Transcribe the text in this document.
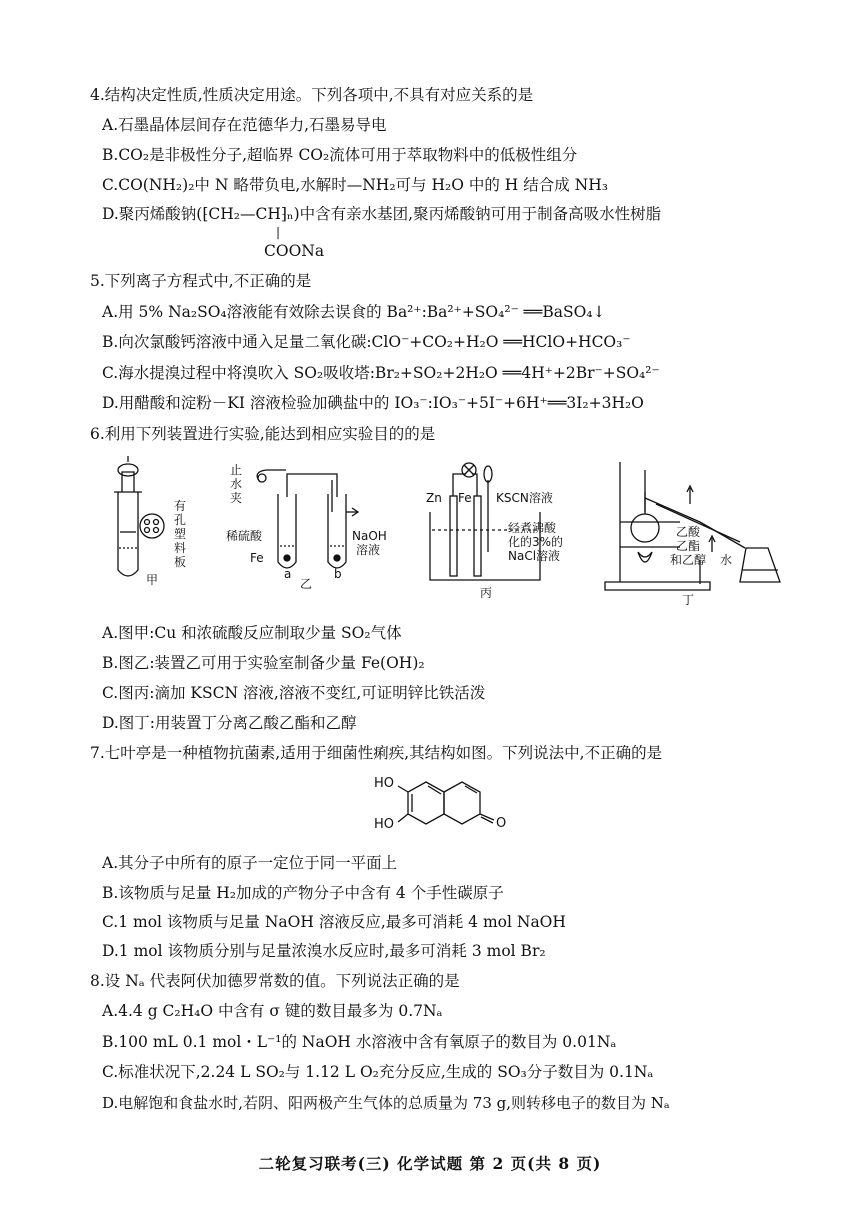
4.结构决定性质,性质决定用途。下列各项中,不具有对应关系的是
A.石墨晶体层间存在范德华力,石墨易导电
B.CO₂是非极性分子,超临界 CO₂流体可用于萃取物料中的低极性组分
C.CO(NH₂)₂中 N 略带负电,水解时—NH₂可与 H₂O 中的 H 结合成 NH₃
D.聚丙烯酸钠(⁅CH₂—CH⁆ₙ)中含有亲水基团,聚丙烯酸钠可用于制备高吸水性树脂
|
COONa
5.下列离子方程式中,不正确的是
A.用 5% Na₂SO₄溶液能有效除去误食的 Ba²⁺:Ba²⁺+SO₄²⁻ ══BaSO₄↓
B.向次氯酸钙溶液中通入足量二氧化碳:ClO⁻+CO₂+H₂O ══HClO+HCO₃⁻
C.海水提溴过程中将溴吹入 SO₂吸收塔:Br₂+SO₂+2H₂O ══4H⁺+2Br⁻+SO₄²⁻
D.用醋酸和淀粉－KI 溶液检验加碘盐中的 IO₃⁻:IO₃⁻+5I⁻+6H⁺══3I₂+3H₂O
6.利用下列装置进行实验,能达到相应实验目的的是
有
孔
塑
料
板
甲
止
水
夹
稀硫酸
Fe
a	b
NaOH
溶液
乙
Zn Fe KSCN溶液
经煮沸酸
化的3%的
NaCl溶液
丙
乙酸
乙酯
和乙醇 水
丁
A.图甲:Cu 和浓硫酸反应制取少量 SO₂气体
B.图乙:装置乙可用于实验室制备少量 Fe(OH)₂
C.图丙:滴加 KSCN 溶液,溶液不变红,可证明锌比铁活泼
D.图丁:用装置丁分离乙酸乙酯和乙醇
7.七叶亭是一种植物抗菌素,适用于细菌性痢疾,其结构如图。下列说法中,不正确的是
HO
HO	O
A.其分子中所有的原子一定位于同一平面上
B.该物质与足量 H₂加成的产物分子中含有 4 个手性碳原子
C.1 mol 该物质与足量 NaOH 溶液反应,最多可消耗 4 mol NaOH
D.1 mol 该物质分别与足量浓溴水反应时,最多可消耗 3 mol Br₂
8.设 Nₐ 代表阿伏加德罗常数的值。下列说法正确的是
A.4.4 g C₂H₄O 中含有 σ 键的数目最多为 0.7Nₐ
B.100 mL 0.1 mol・L⁻¹的 NaOH 水溶液中含有氧原子的数目为 0.01Nₐ
C.标准状况下,2.24 L SO₂与 1.12 L O₂充分反应,生成的 SO₃分子数目为 0.1Nₐ
D.电解饱和食盐水时,若阴、阳两极产生气体的总质量为 73 g,则转移电子的数目为 Nₐ
二轮复习联考(三) 化学试题 第 2 页(共 8 页)
